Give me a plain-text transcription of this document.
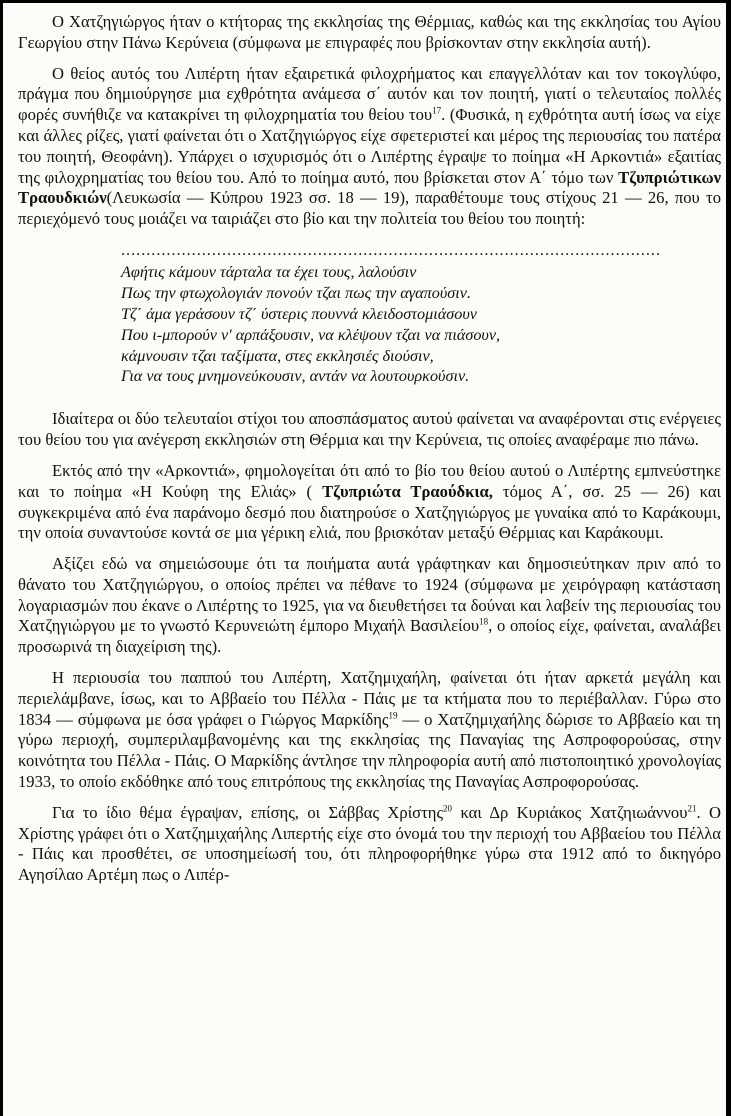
Ο Χατζηγιώργος ήταν ο κτήτορας της εκκλησίας της Θέρμιας, καθώς και της εκκλησίας του Αγίου Γεωργίου στην Πάνω Κερύνεια (σύμφωνα με επιγραφές που βρίσκονταν στην εκκλησία αυτή).

Ο θείος αυτός του Λιπέρτη ήταν εξαιρετικά φιλοχρήματος και επαγγελλόταν και τον τοκογλύφο, πράγμα που δημιούργησε μια εχθρότητα ανάμεσα σ΄ αυτόν και τον ποιητή, γιατί ο τελευταίος πολλές φορές συνήθιζε να κατακρίνει τη φιλοχρηματία του θείου του$^{17}$. (Φυσικά, η εχθρότητα αυτή ίσως να είχε και άλλες ρίζες, γιατί φαίνεται ότι ο Χατζηγιώργος είχε σφετεριστεί και μέρος της περιουσίας του πατέρα του ποιητή, Θεοφάνη). Υπάρχει ο ισχυρισμός ότι ο Λιπέρτης έγραψε το ποίημα «Η Αρκοντιά» εξαιτίας της φιλοχρηματίας του θείου του. Από το ποίημα αυτό, που βρίσκεται στον Α΄ τόμο των Τζυπριώτικων Τραουδκιών(Λευκωσία — Κύπρου 1923 σσ. 18 — 19), παραθέτουμε τους στίχους 21 — 26, που το περιεχόμενό τους μοιάζει να ταιριάζει στο βίο και την πολιτεία του θείου του ποιητή:

...........................................................................................................
Αφήτις κάμουν τάρταλα τα έχει τους, λαλούσιν
Πως την φτωχολογιάν πονούν τζαι πως την αγαπούσιν.
Τζ΄ άμα γεράσουν τζ΄ ύστερις πουννά κλειδοστομιάσουν
Που ι-μπορούν ν' αρπάξουσιν, να κλέψουν τζαι να πιάσουν,
κάμνουσιν τζαι ταξίματα, στες εκκλησιές διούσιν,
Για να τους μνημονεύκουσιν, αντάν να λουτουρκούσιν.

Ιδιαίτερα οι δύο τελευταίοι στίχοι του αποσπάσματος αυτού φαίνεται να αναφέρονται στις ενέργειες του θείου του για ανέγερση εκκλησιών στη Θέρμια και την Κερύνεια, τις οποίες αναφέραμε πιο πάνω.

Εκτός από την «Αρκοντιά», φημολογείται ότι από το βίο του θείου αυτού ο Λιπέρτης εμπνεύστηκε και το ποίημα «Η Κούφη της Ελιάς» ( Τζυπριώτα Τραούδκια, τόμος Α΄, σσ. 25 — 26) και συγκεκριμένα από ένα παράνομο δεσμό που διατηρούσε ο Χατζηγιώργος με γυναίκα από το Καράκουμι, την οποία συναντούσε κοντά σε μια γέρικη ελιά, που βρισκόταν μεταξύ Θέρμιας και Καράκουμι.

Αξίζει εδώ να σημειώσουμε ότι τα ποιήματα αυτά γράφτηκαν και δημοσιεύτηκαν πριν από το θάνατο του Χατζηγιώργου, ο οποίος πρέπει να πέθανε το 1924 (σύμφωνα με χειρόγραφη κατάσταση λογαριασμών που έκανε ο Λιπέρτης το 1925, για να διευθετήσει τα δούναι και λαβείν της περιουσίας του Χατζηγιώργου με το γνωστό Κερυνειώτη έμπορο Μιχαήλ Βασιλείου$^{18}$, ο οποίος είχε, φαίνεται, αναλάβει προσωρινά τη διαχείριση της).

Η περιουσία του παππού του Λιπέρτη, Χατζημιχαήλη, φαίνεται ότι ήταν αρκετά μεγάλη και περιελάμβανε, ίσως, και το Αββαείο του Πέλλα - Πάις με τα κτήματα που το περιέβαλλαν. Γύρω στο 1834 — σύμφωνα με όσα γράφει ο Γιώργος Μαρκίδης$^{19}$ — ο Χατζημιχαήλης δώρισε το Αββαείο και τη γύρω περιοχή, συμπεριλαμβανομένης και της εκκλησίας της Παναγίας της Ασπροφορούσας, στην κοινότητα του Πέλλα - Πάις. Ο Μαρκίδης άντλησε την πληροφορία αυτή από πιστοποιητικό χρονολογίας 1933, το οποίο εκδόθηκε από τους επιτρόπους της εκκλησίας της Παναγίας Ασπροφορούσας.

Για το ίδιο θέμα έγραψαν, επίσης, οι Σάββας Χρίστης$^{20}$ και Δρ Κυριάκος Χατζηιωάννου$^{21}$. Ο Χρίστης γράφει ότι ο Χατζημιχαήλης Λιπερτής είχε στο όνομά του την περιοχή του Αββαείου του Πέλλα - Πάις και προσθέτει, σε υποσημείωσή του, ότι πληροφορήθηκε γύρω στα 1912 από το δικηγόρο Αγησίλαο Αρτέμη πως ο Λιπέρ-
